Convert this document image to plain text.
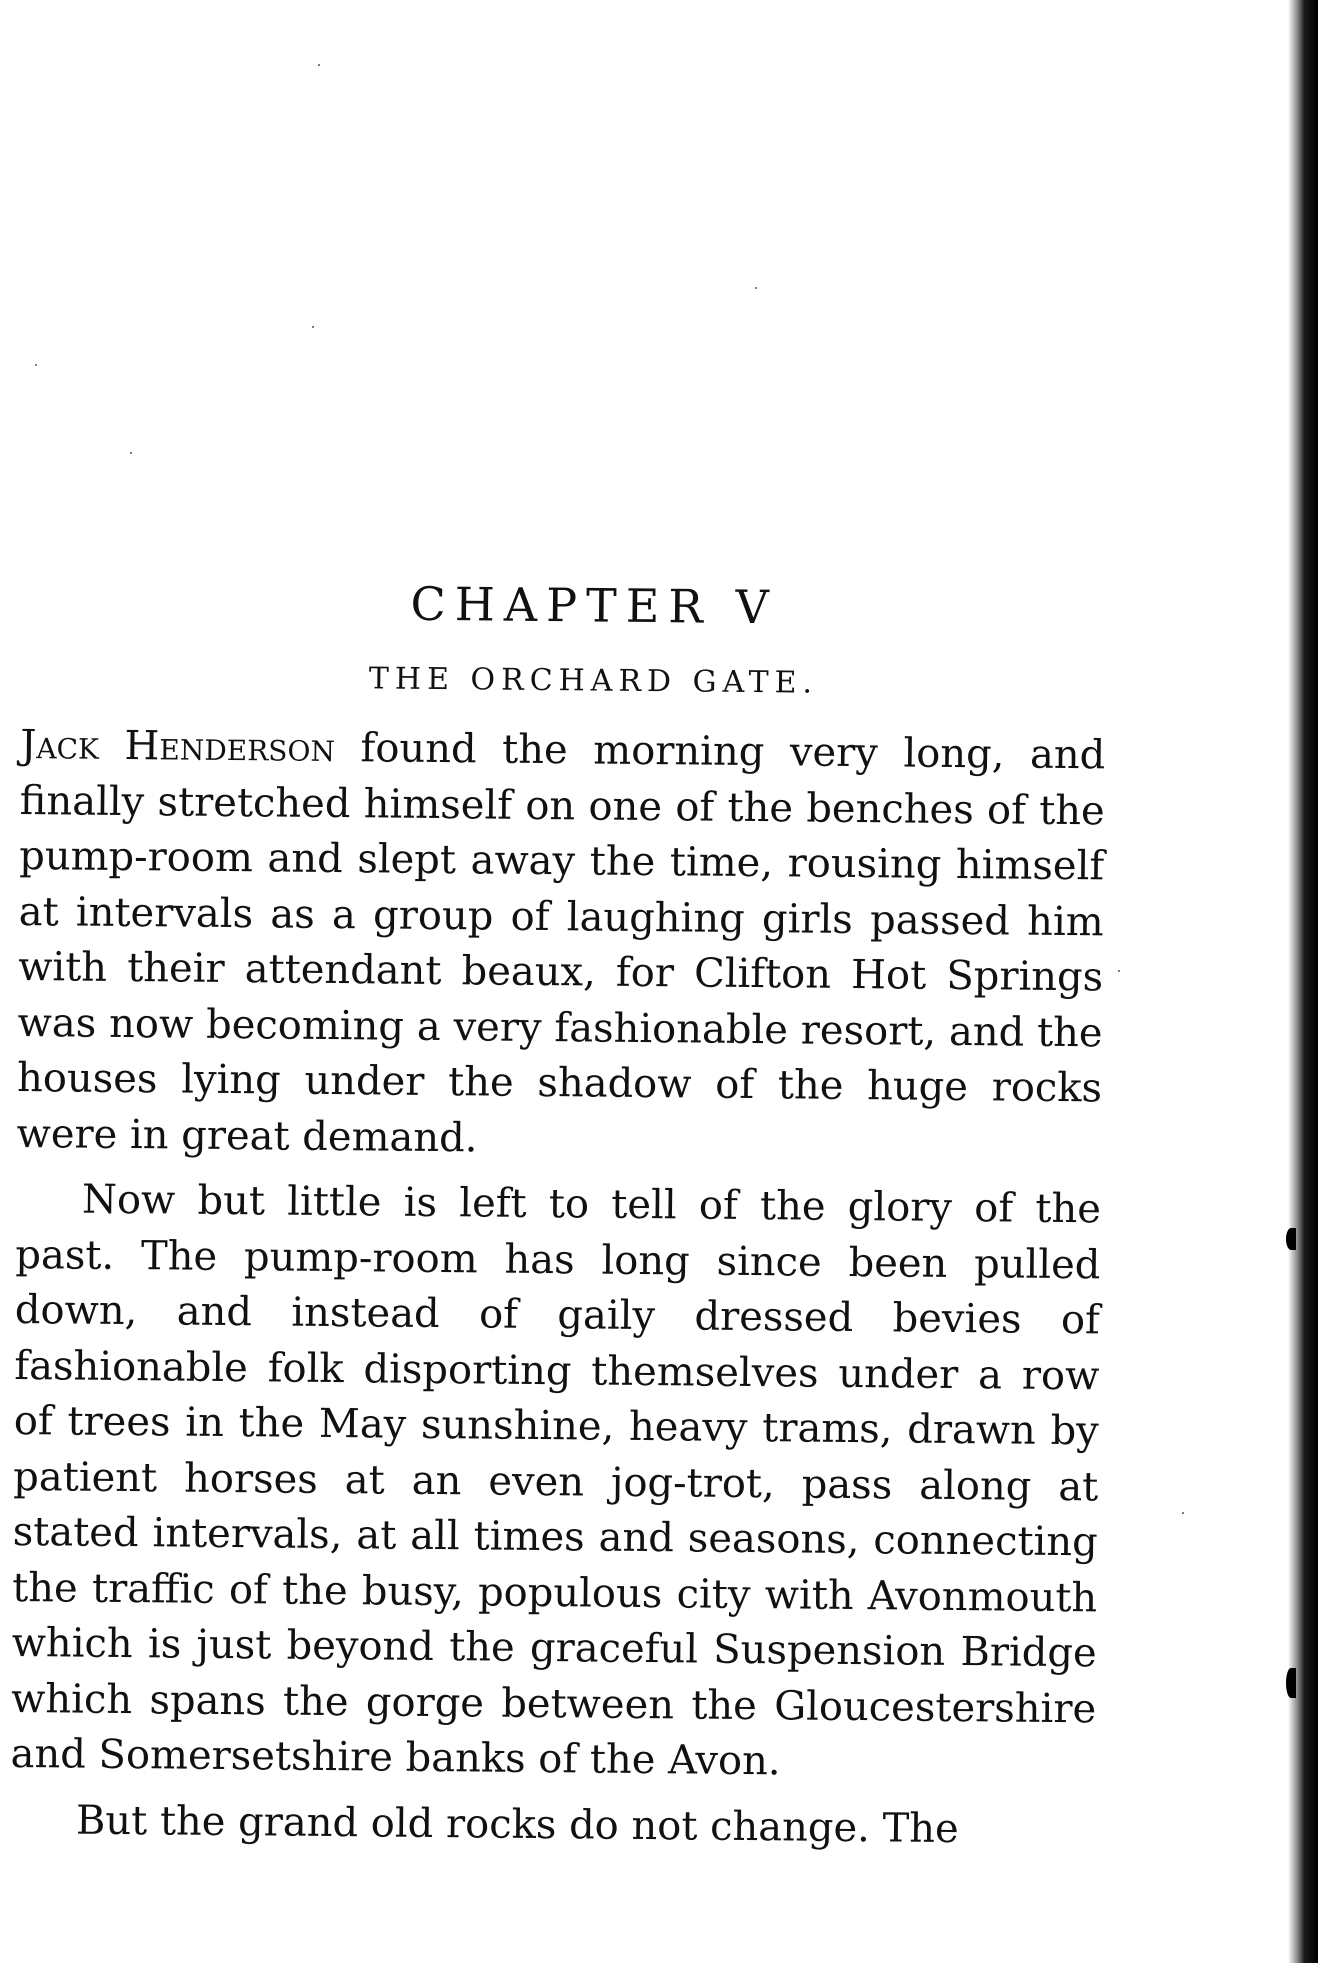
CHAPTER V
THE ORCHARD GATE.

Jack Henderson found the morning very long, and finally stretched himself on one of the benches of the pump-room and slept away the time, rousing himself at intervals as a group of laughing girls passed him with their attendant beaux, for Clifton Hot Springs was now becoming a very fashionable resort, and the houses lying under the shadow of the huge rocks were in great demand.

Now but little is left to tell of the glory of the past. The pump-room has long since been pulled down, and instead of gaily dressed bevies of fashionable folk disporting themselves under a row of trees in the May sunshine, heavy trams, drawn by patient horses at an even jog-trot, pass along at stated intervals, at all times and seasons, connecting the traffic of the busy, populous city with Avonmouth which is just beyond the graceful Suspension Bridge which spans the gorge between the Gloucestershire and Somersetshire banks of the Avon.

But the grand old rocks do not change. The
